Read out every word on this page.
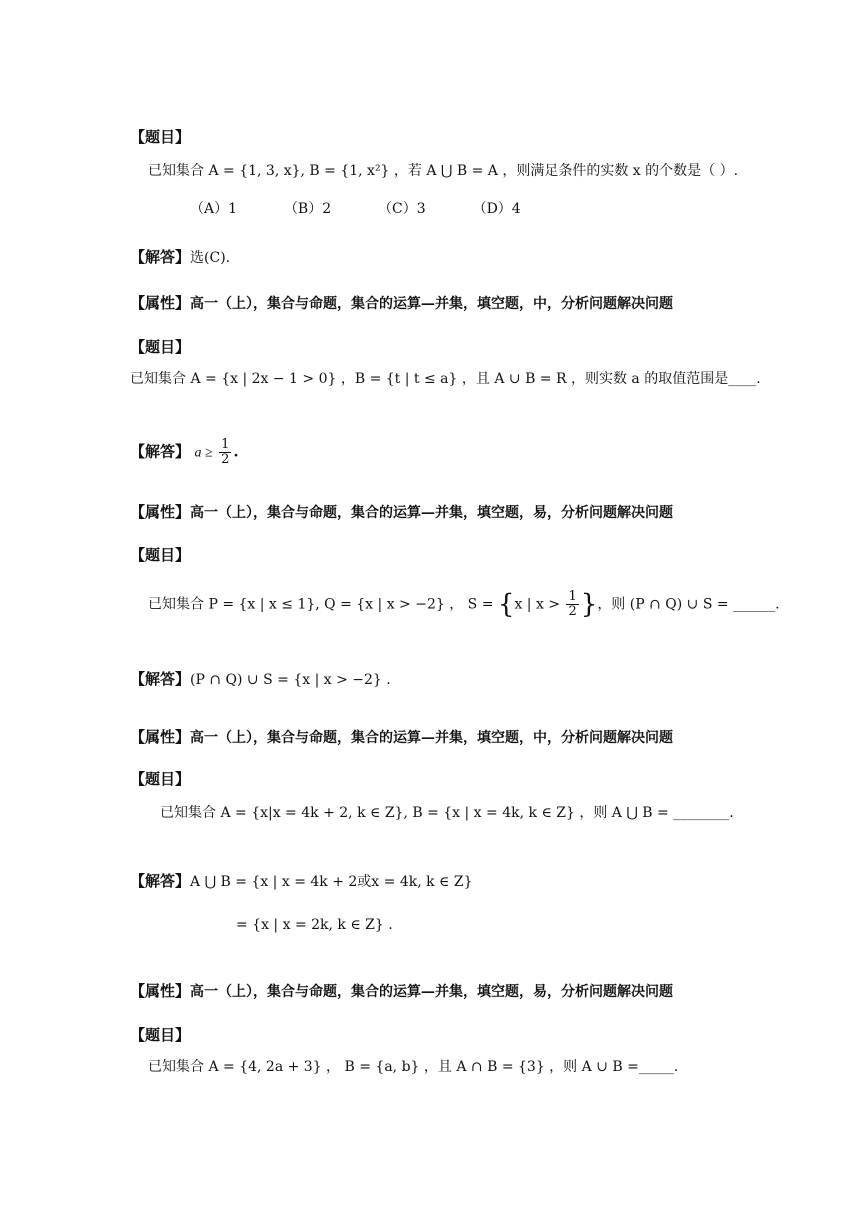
【题目】
已知集合 A = {1, 3, x}, B = {1, x²} ，若 A ⋃ B = A ，则满足条件的实数 x 的个数是（ ）.
（A）1	（B）2	（C）3	（D）4
【解答】选(C).
【属性】高一（上），集合与命题，集合的运算—并集，填空题，中，分析问题解决问题
【题目】
已知集合 A = {x | 2x − 1 > 0} ，B = {t | t ≤ a} ，且 A ∪ B = R ，则实数 a 的取值范围是____.
【解答】 $a \ge \frac{1}{2}$ .
【属性】高一（上），集合与命题，集合的运算—并集，填空题，易，分析问题解决问题
【题目】
已知集合 P = {x | x ≤ 1}, Q = {x | x > −2} ， S = {x | $x > \frac{1}{2}$ }，则 (P ∩ Q) ∪ S = ______.
【解答】(P ∩ Q) ∪ S = {x | x > −2} .
【属性】高一（上），集合与命题，集合的运算—并集，填空题，中，分析问题解决问题
【题目】
已知集合 A = {x|x = 4k + 2, k ∈ Z}, B = {x | x = 4k, k ∈ Z} ，则 A ⋃ B = ________.
【解答】A ⋃ B = {x | x = 4k + 2或x = 4k, k ∈ Z}
= {x | x = 2k, k ∈ Z} .
【属性】高一（上），集合与命题，集合的运算—并集，填空题，易，分析问题解决问题
【题目】
已知集合 A = {4, 2a + 3} ， B = {a, b} ，且 A ∩ B = {3} ，则 A ∪ B =_____.
